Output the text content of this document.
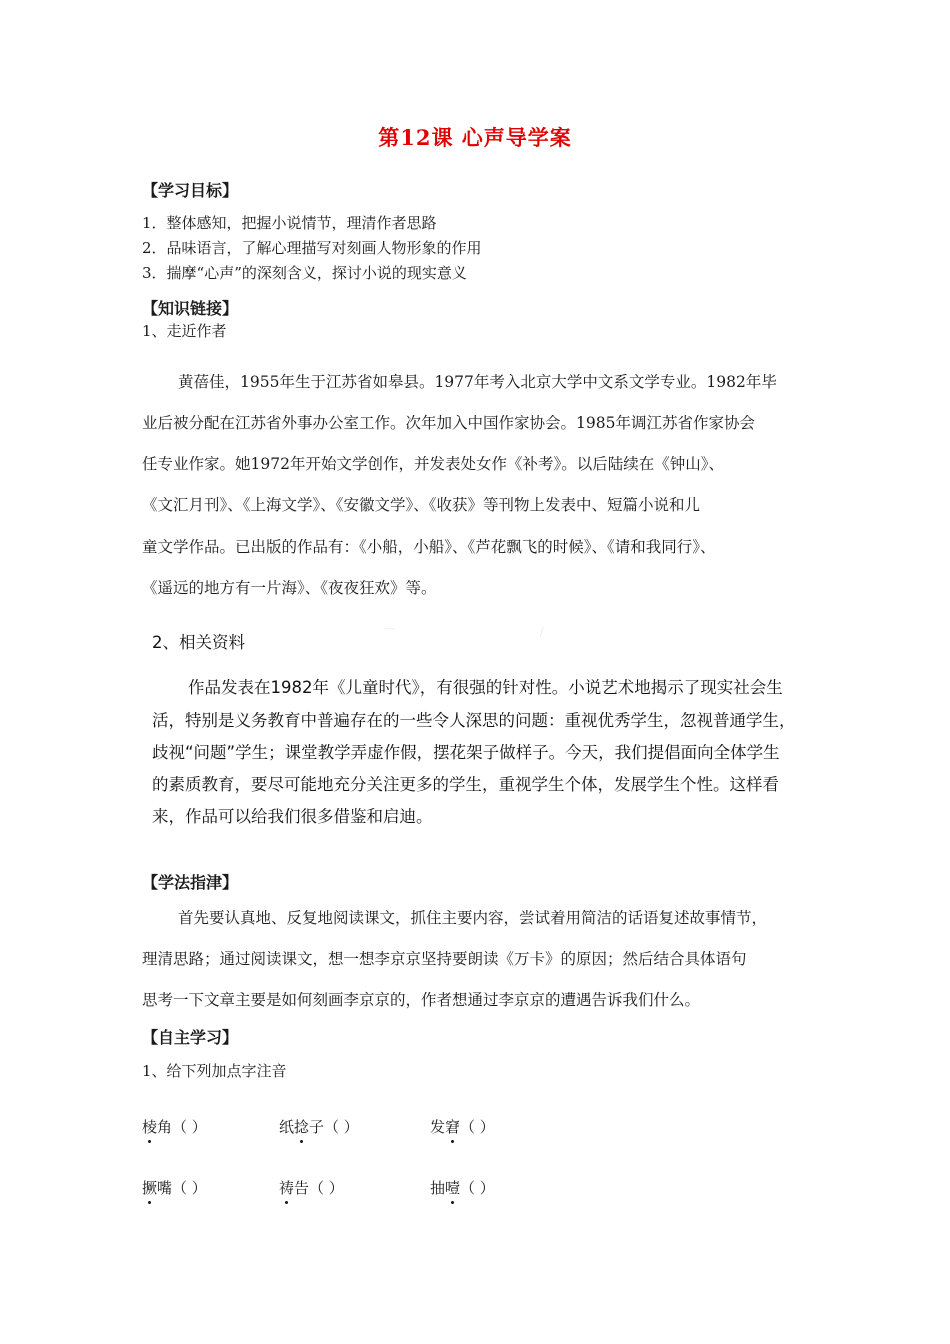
第12课 心声导学案
【学习目标】
1．整体感知，把握小说情节，理清作者思路
2．品味语言，了解心理描写对刻画人物形象的作用
3．揣摩“心声”的深刻含义，探讨小说的现实意义
【知识链接】
1、走近作者
黄蓓佳，1955年生于江苏省如皋县。1977年考入北京大学中文系文学专业。1982年毕
业后被分配在江苏省外事办公室工作。次年加入中国作家协会。1985年调江苏省作家协会
任专业作家。她1972年开始文学创作，并发表处女作《补考》。以后陆续在《钟山》、
《文汇月刊》、《上海文学》、《安徽文学》、《收获》等刊物上发表中、短篇小说和儿
童文学作品。已出版的作品有：《小船，小船》、《芦花飘飞的时候》、《请和我同行》、
《遥远的地方有一片海》、《夜夜狂欢》等。
2、相关资料
—	∕
作品发表在1982年《儿童时代》，有很强的针对性。小说艺术地揭示了现实社会生
活，特别是义务教育中普遍存在的一些令人深思的问题：重视优秀学生，忽视普通学生，
歧视“问题”学生；课堂教学弄虚作假，摆花架子做样子。今天，我们提倡面向全体学生
的素质教育，要尽可能地充分关注更多的学生，重视学生个体，发展学生个性。这样看
来，作品可以给我们很多借鉴和启迪。
【学法指津】
首先要认真地、反复地阅读课文，抓住主要内容，尝试着用简洁的话语复述故事情节，
理清思路；通过阅读课文，想一想李京京坚持要朗读《万卡》的原因；然后结合具体语句
思考一下文章主要是如何刻画李京京的，作者想通过李京京的遭遇告诉我们什么。
【自主学习】
1、给下列加点字注音
棱角（ ）	纸捻子（ ）	发窘（ ）
撅嘴（ ）	祷告（ ）	抽噎（ ）
